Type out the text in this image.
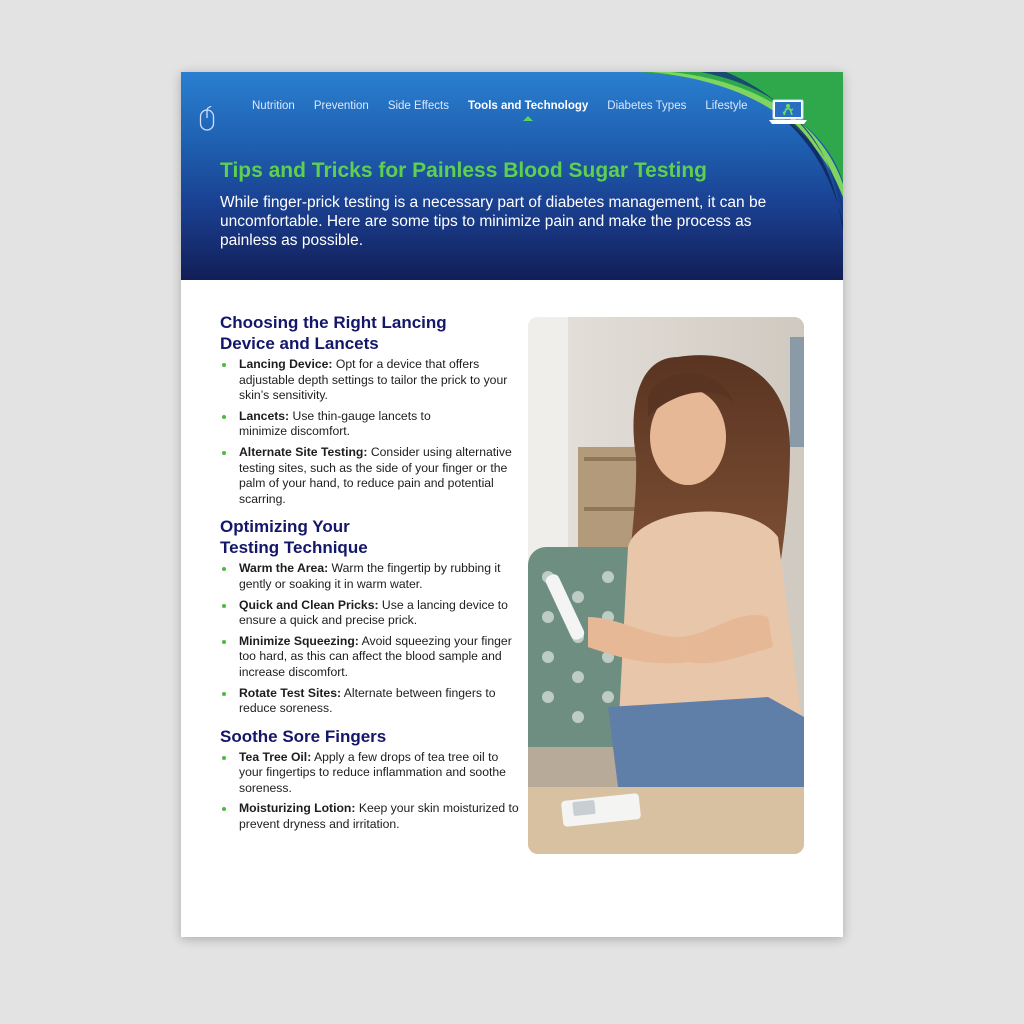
Nutrition Prevention Side Effects Tools and Technology Diabetes Types Lifestyle
Tips and Tricks for Painless Blood Sugar Testing
While finger-prick testing is a necessary part of diabetes management, it can be uncomfortable. Here are some tips to minimize pain and make the process as painless as possible.
Choosing the Right Lancing Device and Lancets
Lancing Device: Opt for a device that offers adjustable depth settings to tailor the prick to your skin’s sensitivity.
Lancets: Use thin-gauge lancets to minimize discomfort.
Alternate Site Testing: Consider using alternative testing sites, such as the side of your finger or the palm of your hand, to reduce pain and potential scarring.
Optimizing Your Testing Technique
Warm the Area: Warm the fingertip by rubbing it gently or soaking it in warm water.
Quick and Clean Pricks: Use a lancing device to ensure a quick and precise prick.
Minimize Squeezing: Avoid squeezing your finger too hard, as this can affect the blood sample and increase discomfort.
Rotate Test Sites: Alternate between fingers to reduce soreness.
Soothe Sore Fingers
Tea Tree Oil: Apply a few drops of tea tree oil to your fingertips to reduce inflammation and soothe soreness.
Moisturizing Lotion: Keep your skin moisturized to prevent dryness and irritation.
